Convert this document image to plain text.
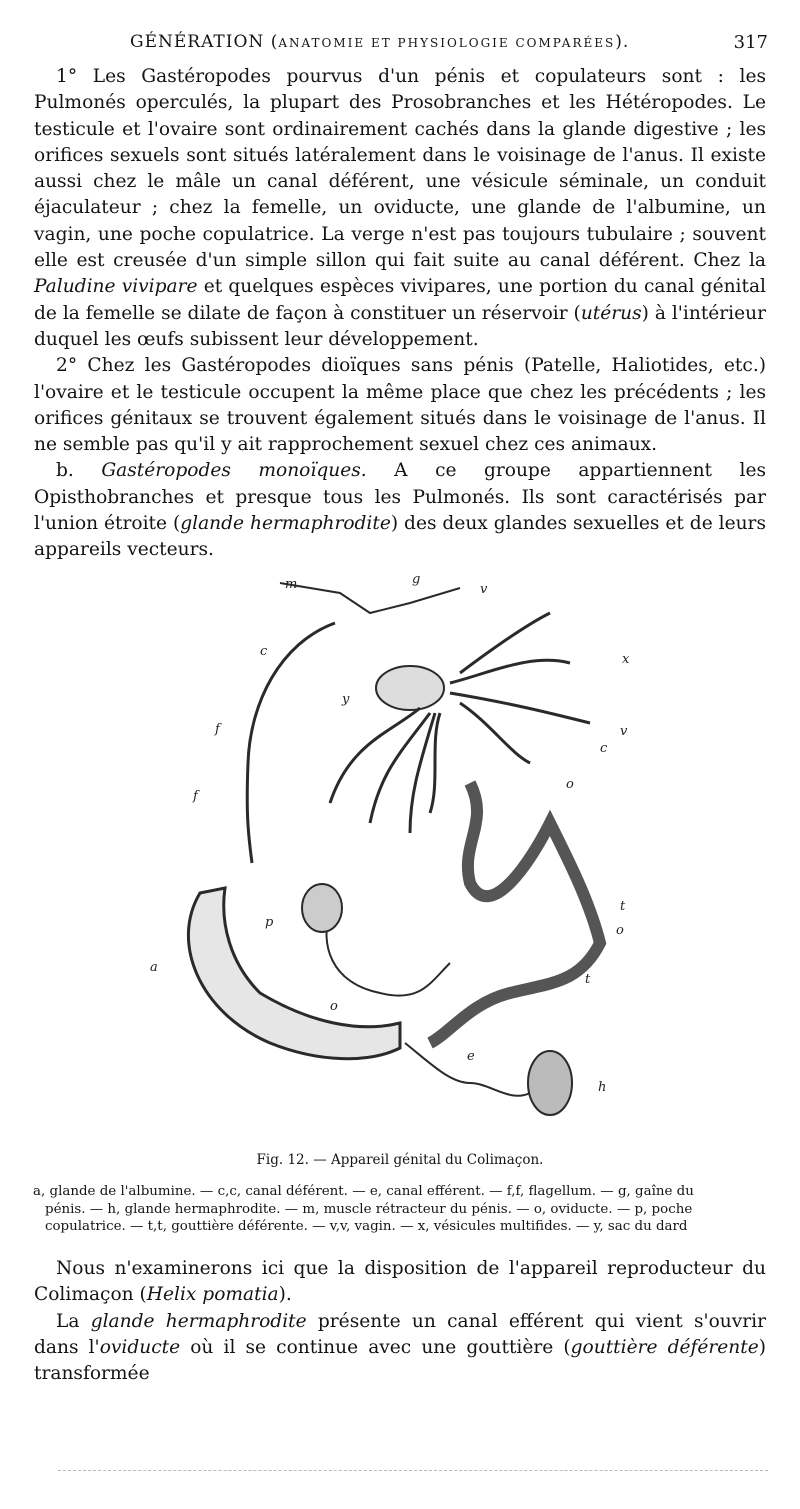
GÉNÉRATION (ANATOMIE ET PHYSIOLOGIE COMPARÉES).	317

1° Les Gastéropodes pourvus d'un pénis et copulateurs sont : les Pulmonés operculés, la plupart des Prosobranches et les Hétéropodes. Le testicule et l'ovaire sont ordinairement cachés dans la glande digestive ; les orifices sexuels sont situés latéralement dans le voisinage de l'anus. Il existe aussi chez le mâle un canal déférent, une vésicule séminale, un conduit éjaculateur ; chez la femelle, un oviducte, une glande de l'albumine, un vagin, une poche copulatrice. La verge n'est pas toujours tubulaire ; souvent elle est creusée d'un simple sillon qui fait suite au canal déférent. Chez la Paludine vivipare et quelques espèces vivipares, une portion du canal génital de la femelle se dilate de façon à constituer un réservoir (utérus) à l'intérieur duquel les œufs subissent leur développement.

2° Chez les Gastéropodes dioïques sans pénis (Patelle, Haliotides, etc.) l'ovaire et le testicule occupent la même place que chez les précédents ; les orifices génitaux se trouvent également situés dans le voisinage de l'anus. Il ne semble pas qu'il y ait rapprochement sexuel chez ces animaux.

b. Gastéropodes monoïques. A ce groupe appartiennent les Opisthobranches et presque tous les Pulmonés. Ils sont caractérisés par l'union étroite (glande hermaphrodite) des deux glandes sexuelles et de leurs appareils vecteurs.

m	g
v
c
x
y
v
c
f
f
o
t
o
p
a
t
o
e
h
Fig. 12. — Appareil génital du Colimaçon.
a, glande de l'albumine. — c,c, canal déférent. — e, canal efférent. — f,f, flagellum. — g, gaîne du
pénis. — h, glande hermaphrodite. — m, muscle rétracteur du pénis. — o, oviducte. — p, poche
copulatrice. — t,t, gouttière déférente. — v,v, vagin. — x, vésicules multifides. — y, sac du dard

Nous n'examinerons ici que la disposition de l'appareil reproducteur du Colimaçon (Helix pomatia).

La glande hermaphrodite présente un canal efférent qui vient s'ouvrir dans l'oviducte où il se continue avec une gouttière (gouttière déférente) transformée
